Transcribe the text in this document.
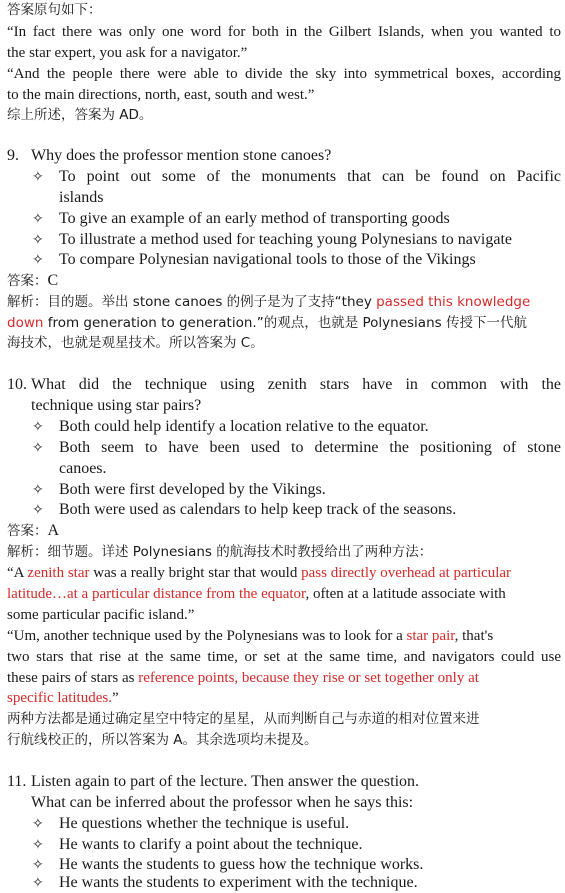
答案原句如下：
“In fact there was only one word for both in the Gilbert Islands, when you wanted to
the star expert, you ask for a navigator.”
“And the people there were able to divide the sky into symmetrical boxes, according
to the main directions, north, east, south and west.”
综上所述，答案为 AD。
9. Why does the professor mention stone canoes?
✧ To point out some of the monuments that can be found on Pacific
islands
✧ To give an example of an early method of transporting goods
✧ To illustrate a method used for teaching young Polynesians to navigate
✧ To compare Polynesian navigational tools to those of the Vikings
答案：C
解析：目的题。举出 stone canoes 的例子是为了支持“they passed this knowledge
down from generation to generation.”的观点，也就是 Polynesians 传授下一代航
海技术，也就是观星技术。所以答案为 C。
10. What did the technique using zenith stars have in common with the
technique using star pairs?
✧ Both could help identify a location relative to the equator.
✧ Both seem to have been used to determine the positioning of stone
canoes.
✧ Both were first developed by the Vikings.
✧ Both were used as calendars to help keep track of the seasons.
答案：A
解析：细节题。详述 Polynesians 的航海技术时教授给出了两种方法：
“A zenith star was a really bright star that would pass directly overhead at particular
latitude…at a particular distance from the equator, often at a latitude associate with
some particular pacific island.”
“Um, another technique used by the Polynesians was to look for a star pair, that's
two stars that rise at the same time, or set at the same time, and navigators could use
these pairs of stars as reference points, because they rise or set together only at
specific latitudes.”
两种方法都是通过确定星空中特定的星星，从而判断自己与赤道的相对位置来进
行航线校正的，所以答案为 A。其余选项均未提及。
11. Listen again to part of the lecture. Then answer the question.
What can be inferred about the professor when he says this:
✧ He questions whether the technique is useful.
✧ He wants to clarify a point about the technique.
✧ He wants the students to guess how the technique works.
✧ He wants the students to experiment with the technique.
